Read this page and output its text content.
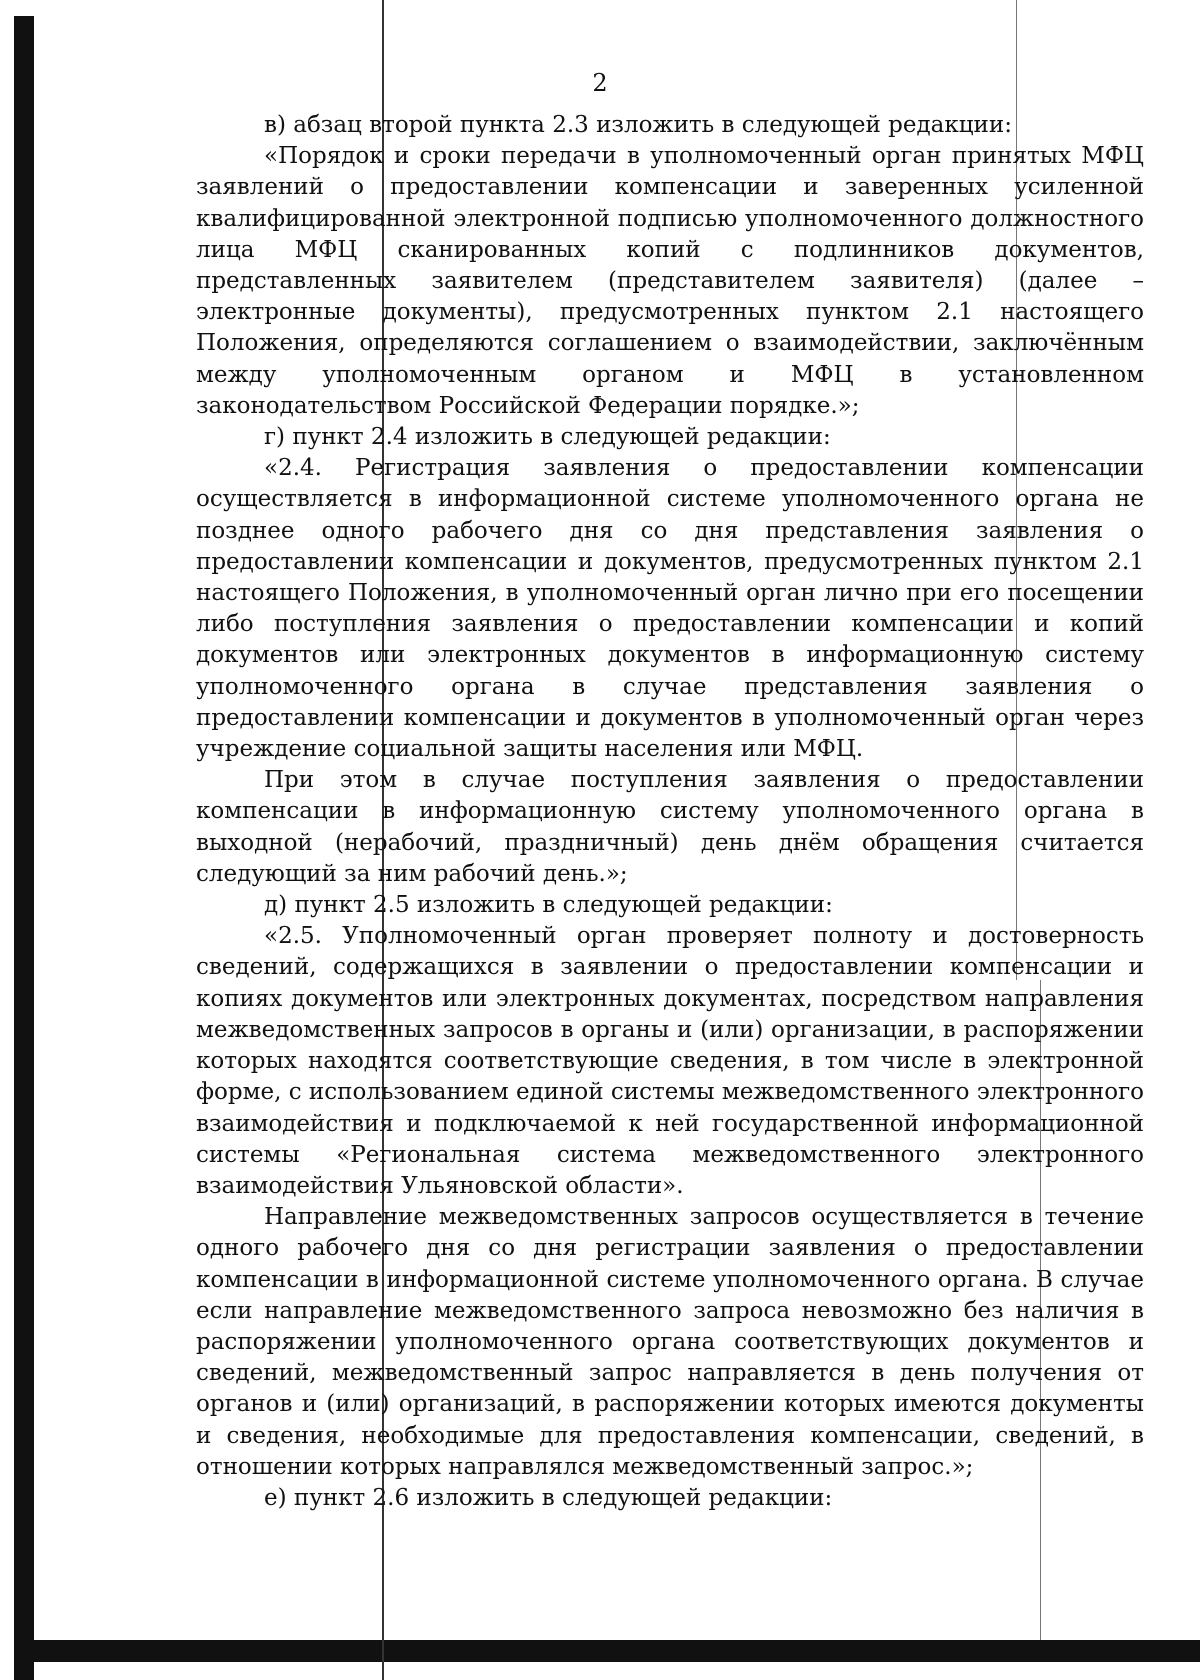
2

в) абзац второй пункта 2.3 изложить в следующей редакции:

«Порядок и сроки передачи в уполномоченный орган принятых МФЦ заявлений о предоставлении компенсации и заверенных усиленной квалифицированной электронной подписью уполномоченного должностного лица МФЦ сканированных копий с подлинников документов, представленных заявителем (представителем заявителя) (далее – электронные документы), предусмотренных пунктом 2.1 настоящего Положения, определяются соглашением о взаимодействии, заключённым между уполномоченным органом и МФЦ в установленном законодательством Российской Федерации порядке.»;

г) пункт 2.4 изложить в следующей редакции:

«2.4. Регистрация заявления о предоставлении компенсации осуществляется в информационной системе уполномоченного органа не позднее одного рабочего дня со дня представления заявления о предоставлении компенсации и документов, предусмотренных пунктом 2.1 настоящего Положения, в уполномоченный орган лично при его посещении либо поступления заявления о предоставлении компенсации и копий документов или электронных документов в информационную систему уполномоченного органа в случае представления заявления о предоставлении компенсации и документов в уполномоченный орган через учреждение социальной защиты населения или МФЦ.

При этом в случае поступления заявления о предоставлении компенсации в информационную систему уполномоченного органа в выходной (нерабочий, праздничный) день днём обращения считается следующий за ним рабочий день.»;

д) пункт 2.5 изложить в следующей редакции:

«2.5. Уполномоченный орган проверяет полноту и достоверность сведений, содержащихся в заявлении о предоставлении компенсации и копиях документов или электронных документах, посредством направления межведомственных запросов в органы и (или) организации, в распоряжении которых находятся соответствующие сведения, в том числе в электронной форме, с использованием единой системы межведомственного электронного взаимодействия и подключаемой к ней государственной информационной системы «Региональная система межведомственного электронного взаимодействия Ульяновской области».

Направление межведомственных запросов осуществляется в течение одного рабочего дня со дня регистрации заявления о предоставлении компенсации в информационной системе уполномоченного органа. В случае если направление межведомственного запроса невозможно без наличия в распоряжении уполномоченного органа соответствующих документов и сведений, межведомственный запрос направляется в день получения от органов и (или) организаций, в распоряжении которых имеются документы и сведения, необходимые для предоставления компенсации, сведений, в отношении которых направлялся межведомственный запрос.»;

е) пункт 2.6 изложить в следующей редакции:
